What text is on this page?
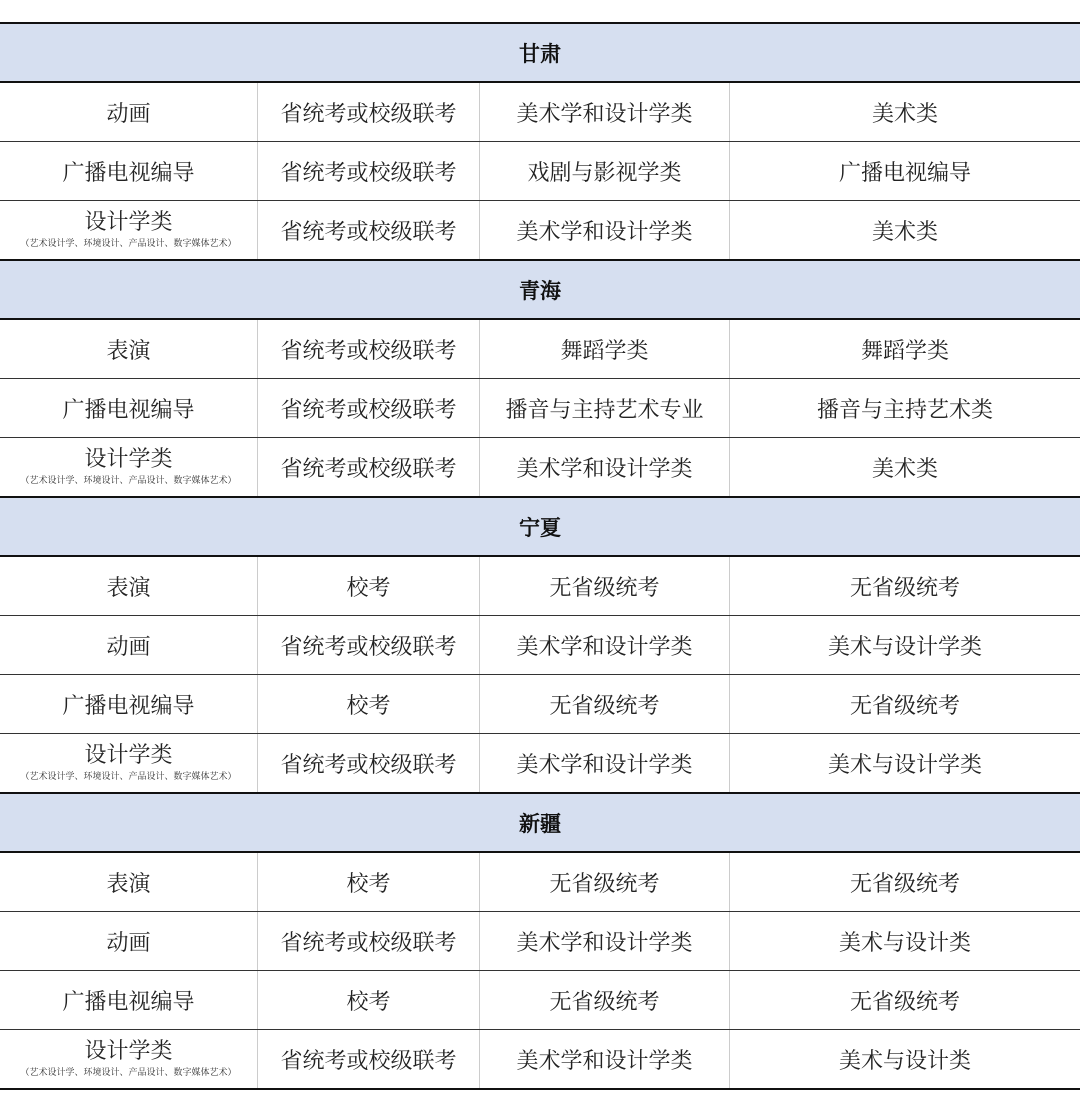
甘肃
动画	省统考或校级联考	美术学和设计学类	美术类
广播电视编导	省统考或校级联考	戏剧与影视学类	广播电视编导
设计学类
（艺术设计学、环境设计、产品设计、数字媒体艺术）	省统考或校级联考	美术学和设计学类	美术类
青海
表演	省统考或校级联考	舞蹈学类	舞蹈学类
广播电视编导	省统考或校级联考	播音与主持艺术专业	播音与主持艺术类
设计学类
（艺术设计学、环境设计、产品设计、数字媒体艺术）	省统考或校级联考	美术学和设计学类	美术类
宁夏
表演	校考	无省级统考	无省级统考
动画	省统考或校级联考	美术学和设计学类	美术与设计学类
广播电视编导	校考	无省级统考	无省级统考
设计学类
（艺术设计学、环境设计、产品设计、数字媒体艺术）	省统考或校级联考	美术学和设计学类	美术与设计学类
新疆
表演	校考	无省级统考	无省级统考
动画	省统考或校级联考	美术学和设计学类	美术与设计类
广播电视编导	校考	无省级统考	无省级统考
设计学类
（艺术设计学、环境设计、产品设计、数字媒体艺术）	省统考或校级联考	美术学和设计学类	美术与设计类
